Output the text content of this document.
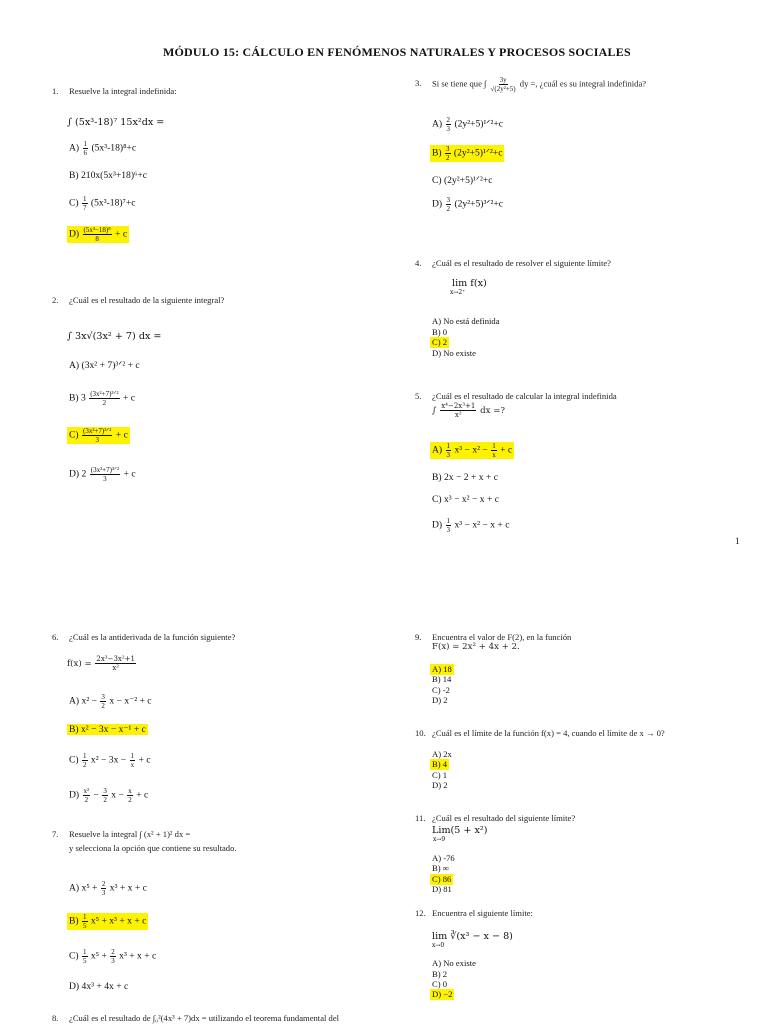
MÓDULO 15: CÁLCULO EN FENÓMENOS NATURALES Y PROCESOS SOCIALES
1. Resuelve la integral indefinida:
∫ (5x³-18)⁷ 15x²dx =
$A) \frac{1}{6} (5x^3-18)^8+c$
B) 210x(5x³+18)⁶+c
$C) \frac{1}{7} (5x^3-18)^7+c$
$D) \frac{\text{(5x³−18)⁸}}{8} + c$
2. ¿Cuál es el resultado de la siguiente integral?
∫ 3x√(3x² + 7) dx =
A) (3x² + 7)³ᐟ² + c
B) $3 \frac{\text{(3x²+7)³ᐟ²}}{2} + c$
$C) \frac{\text{(3x²+7)³ᐟ²}}{3} + c$
D) $2 \frac{\text{(3x²+7)³ᐟ²}}{3} + c$
3. Si se tiene que ∫ $\frac{3y}{\text{√(2y²+5)}}$ dy =, ¿cuál es su integral indefinida?
$A) \frac{2}{3}$ (2y²+5)¹ᐟ²+c
$B) \frac{3}{2}$ (2y²+5)¹ᐟ²+c
C) (2y²+5)¹ᐟ²+c
$D) \frac{3}{2}$ (2y²+5)³ᐟ²+c
4. ¿Cuál es el resultado de resolver el siguiente límite?
lim f(x)
x→2⁺
A) No está definida
B) 0
C) 2
D) No existe
5. ¿Cuál es el resultado de calcular la integral indefinida
∫ $\frac{\text{x⁴−2x³+1}}{\text{x²}}$ dx =?
$A) \frac{1}{3} x^3 - x^2 - \frac{1}{x} + c$
B) 2x − 2 + x + c
C) x³ − x² − x + c
$D) \frac{1}{3} x^3 - x^2 - x + c$
1
6. ¿Cuál es la antiderivada de la función siguiente?
$f(x) = \frac{\text{2x³−3x²+1}}{\text{x²}}$
A) $x^2 - \frac{3}{2}$ x − x⁻² + c
B) x² − 3x − x⁻¹ + c
$C) \frac{1}{2} x^2 - 3x - \frac{1}{x} + c$
$D) \frac{\text{x²}}{2} - \frac{3}{2}$ $x - \frac{x}{2} + c$
7. Resuelve la integral ∫ (x² + 1)² dx =
y selecciona la opción que contiene su resultado.
A) $x^5 + \frac{2}{3} x^3 + x + c$
$B) \frac{1}{5} x^5 + x^3 + x + c$
$C) \frac{1}{5} x^5 + \frac{2}{3} x^3 + x + c$
D) 4x³ + 4x + c
8. ¿Cuál es el resultado de ∫₀²(4x³ + 7)dx = utilizando el teorema fundamental del
9. Encuentra el valor de F(2), en la función
F(x) = 2x² + 4x + 2.
A) 18
B) 14
C) -2
D) 2
10. ¿Cuál es el límite de la función f(x) = 4, cuando el límite de x → 0?
A) 2x
B) 4
C) 1
D) 2
11. ¿Cuál es el resultado del siguiente límite?
Lim(5 + x²)
x→9
A) -76
B) ∞
C) 86
D) 81
12. Encuentra el siguiente límite:
lim ∛(x³ − x − 8)
x→0
A) No existe
B) 2
C) 0
D) −2
